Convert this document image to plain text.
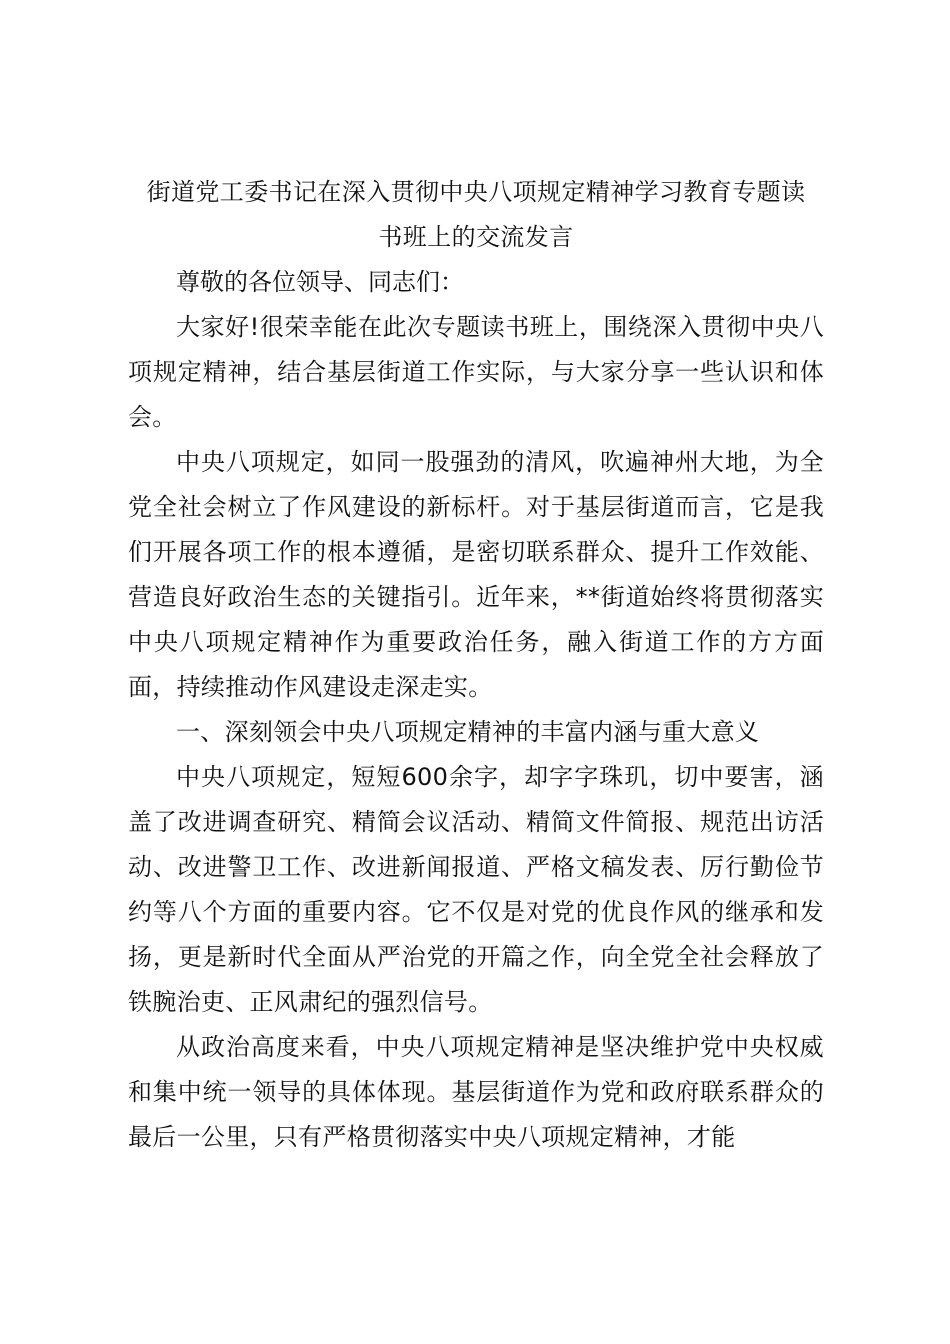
街道党工委书记在深入贯彻中央八项规定精神学习教育专题读
书班上的交流发言

尊敬的各位领导、同志们：

大家好!很荣幸能在此次专题读书班上，围绕深入贯彻中央八项规定精神，结合基层街道工作实际，与大家分享一些认识和体会。

中央八项规定，如同一股强劲的清风，吹遍神州大地，为全党全社会树立了作风建设的新标杆。对于基层街道而言，它是我们开展各项工作的根本遵循，是密切联系群众、提升工作效能、营造良好政治生态的关键指引。近年来，**街道始终将贯彻落实中央八项规定精神作为重要政治任务，融入街道工作的方方面面，持续推动作风建设走深走实。

一、深刻领会中央八项规定精神的丰富内涵与重大意义

中央八项规定，短短600余字，却字字珠玑，切中要害，涵盖了改进调查研究、精简会议活动、精简文件简报、规范出访活动、改进警卫工作、改进新闻报道、严格文稿发表、厉行勤俭节约等八个方面的重要内容。它不仅是对党的优良作风的继承和发扬，更是新时代全面从严治党的开篇之作，向全党全社会释放了铁腕治吏、正风肃纪的强烈信号。

从政治高度来看，中央八项规定精神是坚决维护党中央权威和集中统一领导的具体体现。基层街道作为党和政府联系群众的最后一公里，只有严格贯彻落实中央八项规定精神，才能
